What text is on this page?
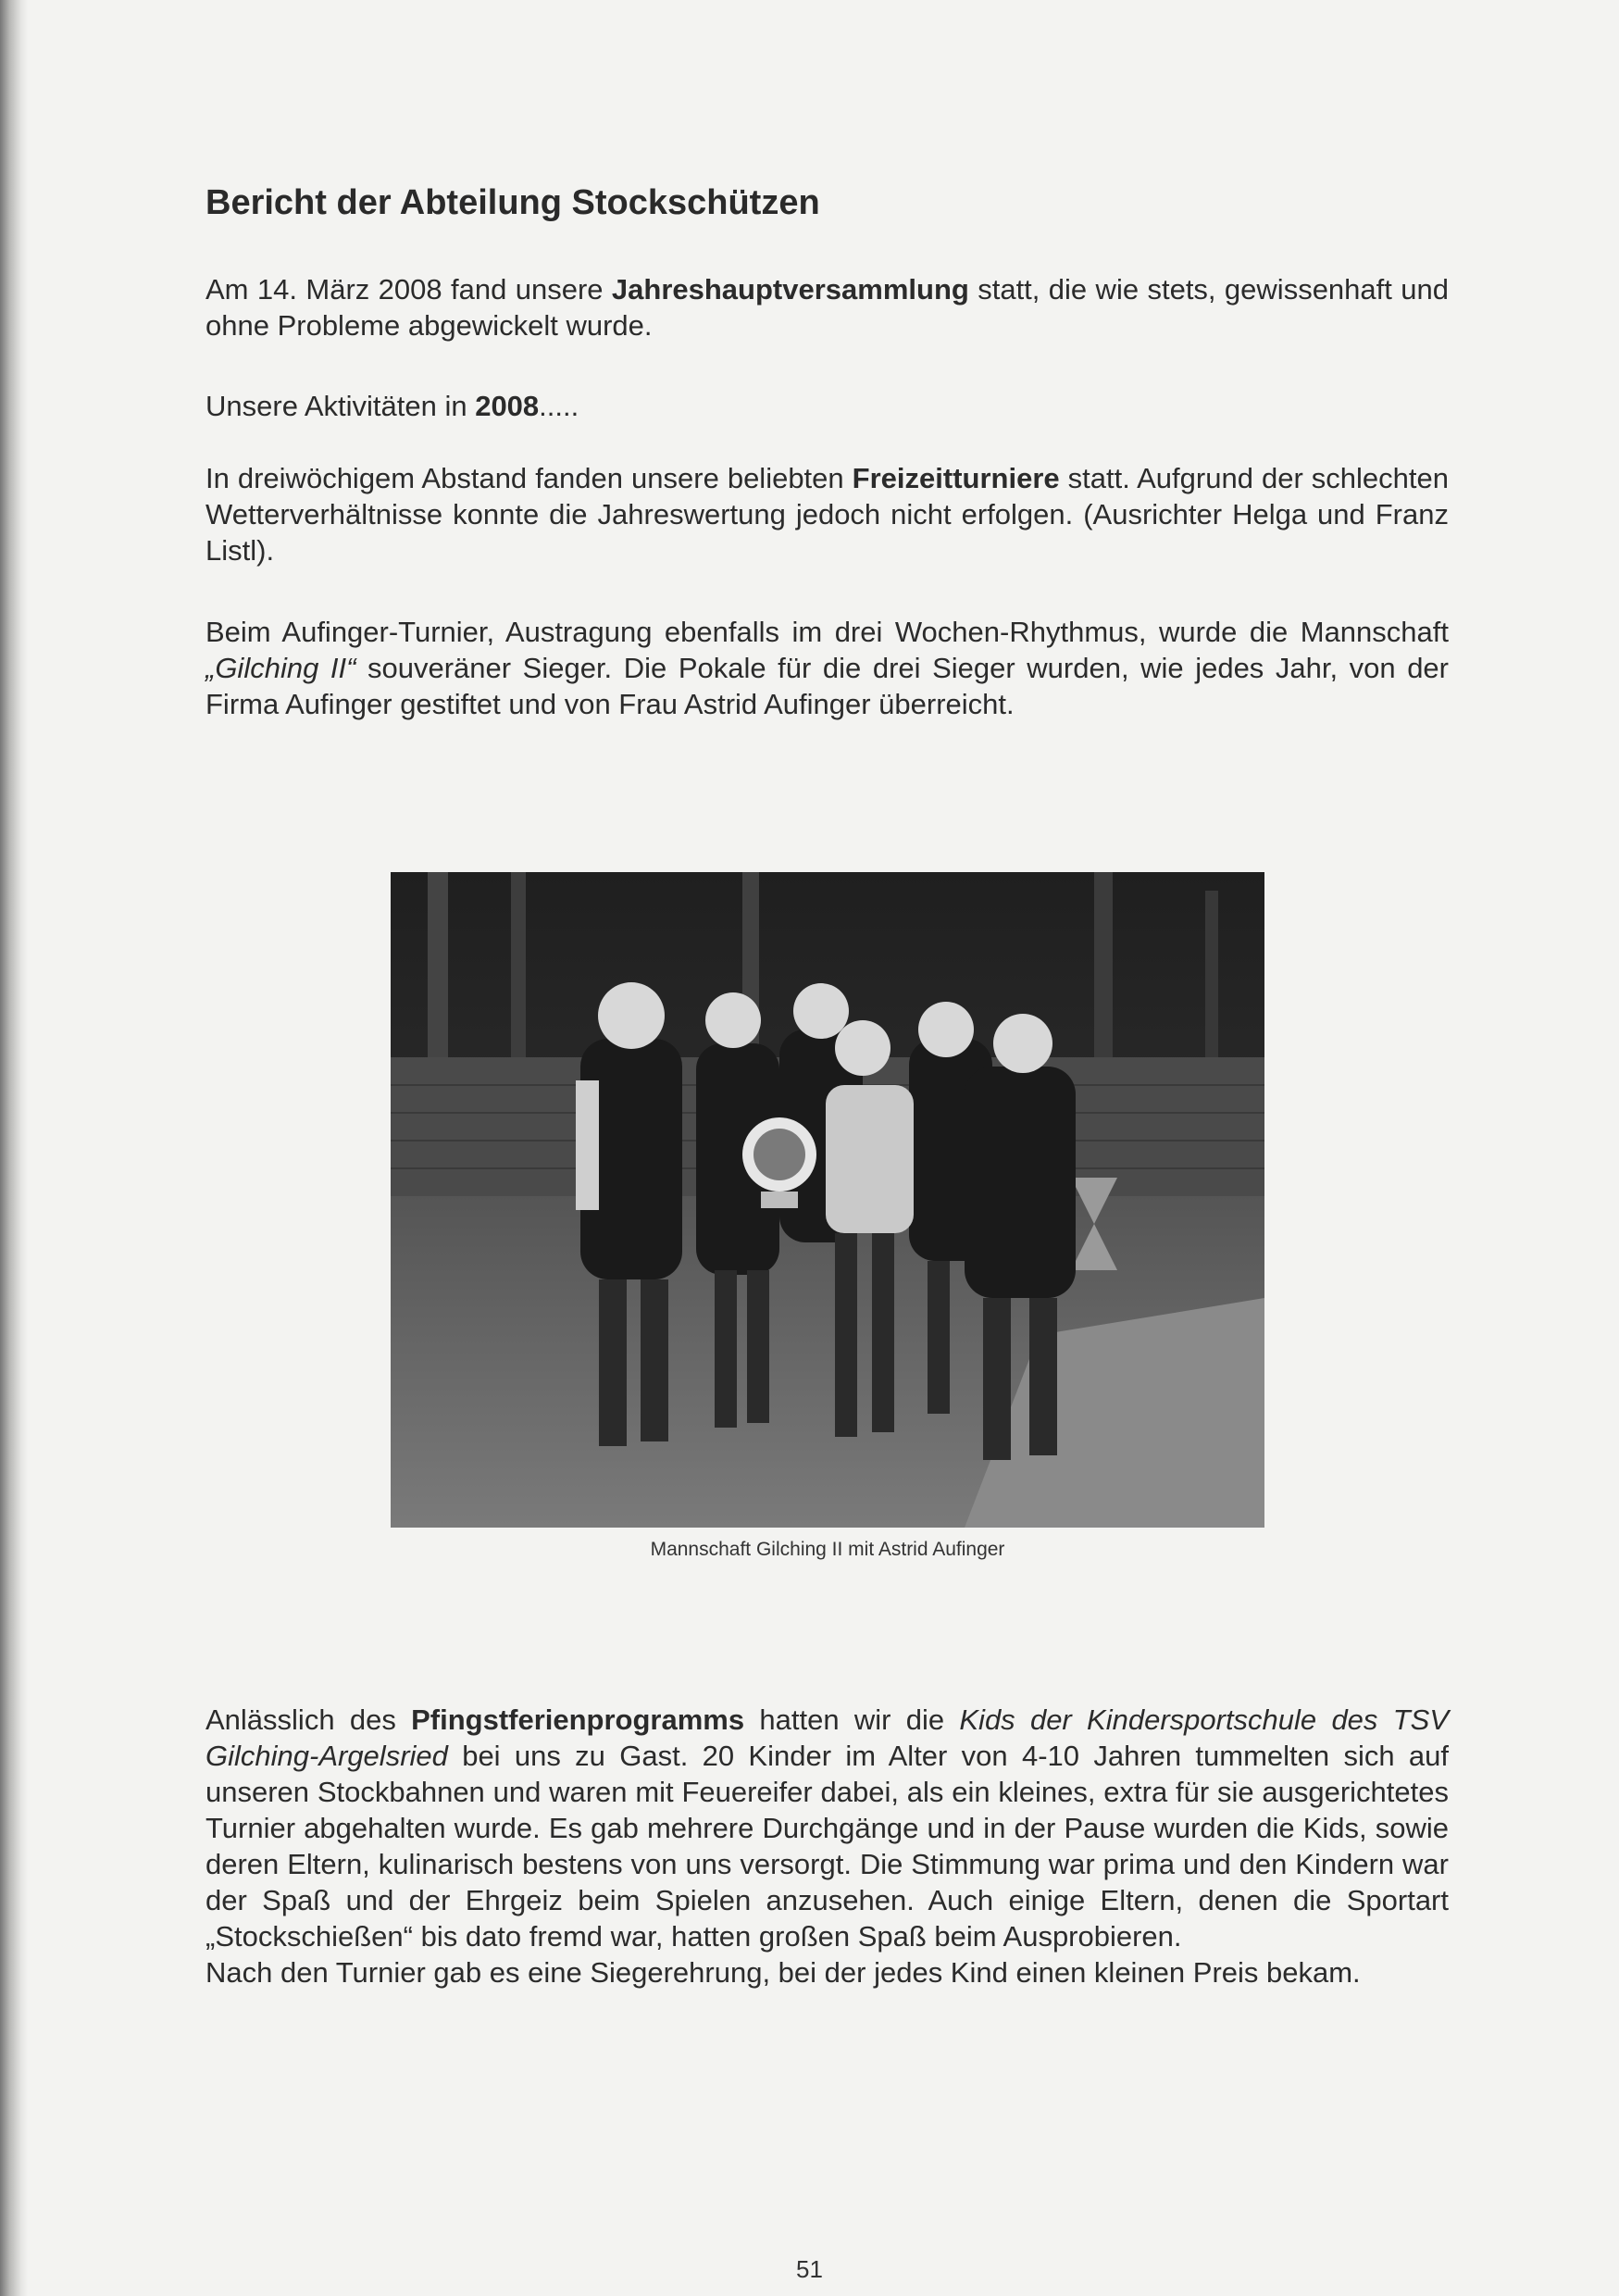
Bericht der Abteilung Stockschützen

Am 14. März 2008 fand unsere Jahreshauptversammlung statt, die wie stets, gewissenhaft und ohne Probleme abgewickelt wurde.

Unsere Aktivitäten in 2008.....

In dreiwöchigem Abstand fanden unsere beliebten Freizeitturniere statt. Aufgrund der schlechten Wetterverhältnisse konnte die Jahreswertung jedoch nicht erfolgen. (Ausrichter Helga und Franz Listl).

Beim Aufinger-Turnier, Austragung ebenfalls im drei Wochen-Rhythmus, wurde die Mannschaft „Gilching II“ souveräner Sieger. Die Pokale für die drei Sieger wurden, wie jedes Jahr, von der Firma Aufinger gestiftet und von Frau Astrid Aufinger überreicht.

Mannschaft Gilching II mit Astrid Aufinger

Anlässlich des Pfingstferienprogramms hatten wir die Kids der Kindersportschule des TSV Gilching-Argelsried bei uns zu Gast. 20 Kinder im Alter von 4-10 Jahren tummelten sich auf unseren Stockbahnen und waren mit Feuereifer dabei, als ein kleines, extra für sie ausgerichtetes Turnier abgehalten wurde. Es gab mehrere Durchgänge und in der Pause wurden die Kids, sowie deren Eltern, kulinarisch bestens von uns versorgt. Die Stimmung war prima und den Kindern war der Spaß und der Ehrgeiz beim Spielen anzusehen. Auch einige Eltern, denen die Sportart „Stockschießen“ bis dato fremd war, hatten großen Spaß beim Ausprobieren.
Nach den Turnier gab es eine Siegerehrung, bei der jedes Kind einen kleinen Preis bekam.

51
